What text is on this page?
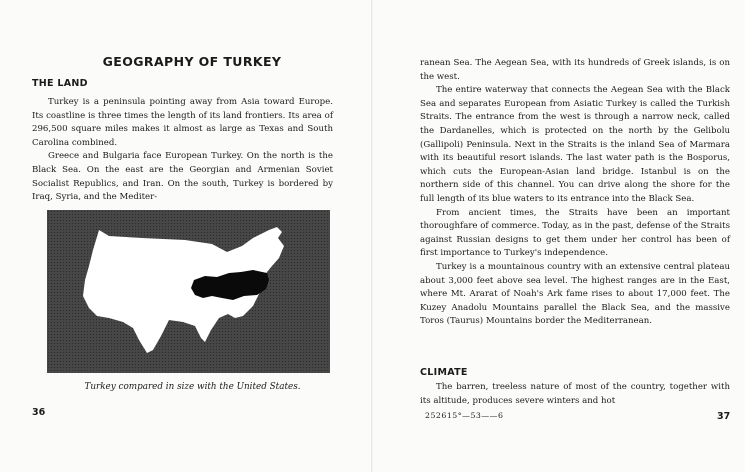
GEOGRAPHY OF TURKEY
THE LAND

Turkey is a peninsula pointing away from Asia toward Europe. Its coastline is three times the length of its land frontiers. Its area of 296,500 square miles makes it almost as large as Texas and South Carolina combined.

Greece and Bulgaria face European Turkey. On the north is the Black Sea. On the east are the Georgian and Armenian Soviet Socialist Republics, and Iran. On the south, Turkey is bordered by Iraq, Syria, and the Mediter-

Turkey compared in size with the United States.
36

ranean Sea. The Aegean Sea, with its hundreds of Greek islands, is on the west.

The entire waterway that connects the Aegean Sea with the Black Sea and separates European from Asiatic Turkey is called the Turkish Straits. The entrance from the west is through a narrow neck, called the Dardanelles, which is protected on the north by the Gelibolu (Gallipoli) Peninsula. Next in the Straits is the inland Sea of Marmara with its beautiful resort islands. The last water path is the Bosporus, which cuts the European-Asian land bridge. Istanbul is on the northern side of this channel. You can drive along the shore for the full length of its blue waters to its entrance into the Black Sea.

From ancient times, the Straits have been an important thoroughfare of commerce. Today, as in the past, defense of the Straits against Russian designs to get them under her control has been of first importance to Turkey's independence.

Turkey is a mountainous country with an extensive central plateau about 3,000 feet above sea level. The highest ranges are in the East, where Mt. Ararat of Noah's Ark fame rises to about 17,000 feet. The Kuzey Anadolu Mountains parallel the Black Sea, and the massive Toros (Taurus) Mountains border the Mediterranean.

CLIMATE

The barren, treeless nature of most of the country, together with its altitude, produces severe winters and hot

252615°—53——6	37
